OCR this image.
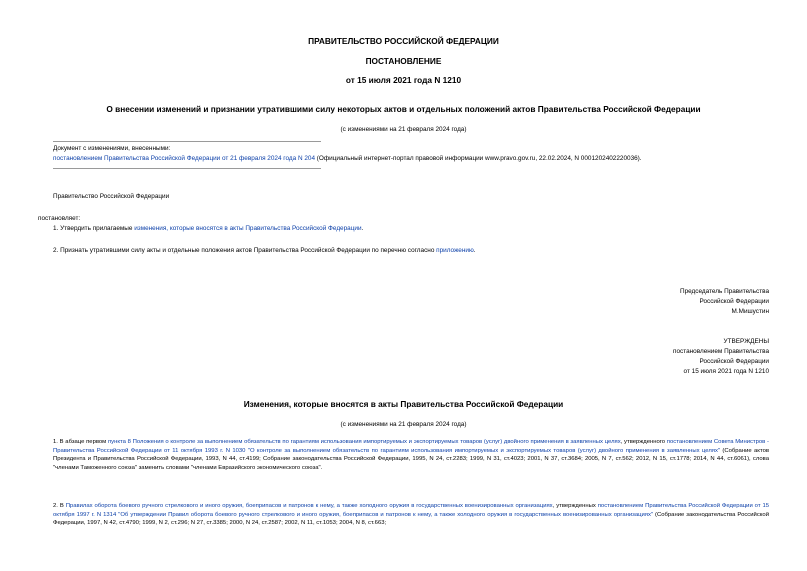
ПРАВИТЕЛЬСТВО РОССИЙСКОЙ ФЕДЕРАЦИИ
ПОСТАНОВЛЕНИЕ
от 15 июля 2021 года N 1210
О внесении изменений и признании утратившими силу некоторых актов и отдельных положений актов Правительства Российской Федерации
(с изменениями на 21 февраля 2024 года)
Документ с изменениями, внесенными:
постановлением Правительства Российской Федерации от 21 февраля 2024 года N 204 (Официальный интернет-портал правовой информации www.pravo.gov.ru, 22.02.2024, N 0001202402220036).
Правительство Российской Федерации
постановляет:
1. Утвердить прилагаемые изменения, которые вносятся в акты Правительства Российской Федерации.
2. Признать утратившими силу акты и отдельные положения актов Правительства Российской Федерации по перечню согласно приложению.
Председатель Правительства
Российской Федерации
М.Мишустин
УТВЕРЖДЕНЫ
постановлением Правительства
Российской Федерации
от 15 июля 2021 года N 1210
Изменения, которые вносятся в акты Правительства Российской Федерации
(с изменениями на 21 февраля 2024 года)
1. В абзаце первом пункта 8 Положения о контроле за выполнением обязательств по гарантиям использования импортируемых и экспортируемых товаров (услуг) двойного применения в заявленных целях, утвержденного постановлением Совета Министров - Правительства Российской Федерации от 11 октября 1993 г. N 1030 "О контроле за выполнением обязательств по гарантиям использования импортируемых и экспортируемых товаров (услуг) двойного применения в заявленных целях" (Собрание актов Президента и Правительства Российской Федерации, 1993, N 44, ст.4199; Собрание законодательства Российской Федерации, 1995, N 24, ст.2283; 1999, N 31, ст.4023; 2001, N 37, ст.3684; 2005, N 7, ст.562; 2012, N 15, ст.1778; 2014, N 44, ст.6061), слова "членами Таможенного союза" заменить словами "членами Евразийского экономического союза".
2. В Правилах оборота боевого ручного стрелкового и иного оружия, боеприпасов и патронов к нему, а также холодного оружия в государственных военизированных организациях, утвержденных постановлением Правительства Российской Федерации от 15 октября 1997 г. N 1314 "Об утверждении Правил оборота боевого ручного стрелкового и иного оружия, боеприпасов и патронов к нему, а также холодного оружия в государственных военизированных организациях" (Собрание законодательства Российской Федерации, 1997, N 42, ст.4790; 1999, N 2, ст.296; N 27, ст.3385; 2000, N 24, ст.2587; 2002, N 11, ст.1053; 2004, N 8, ст.663;
